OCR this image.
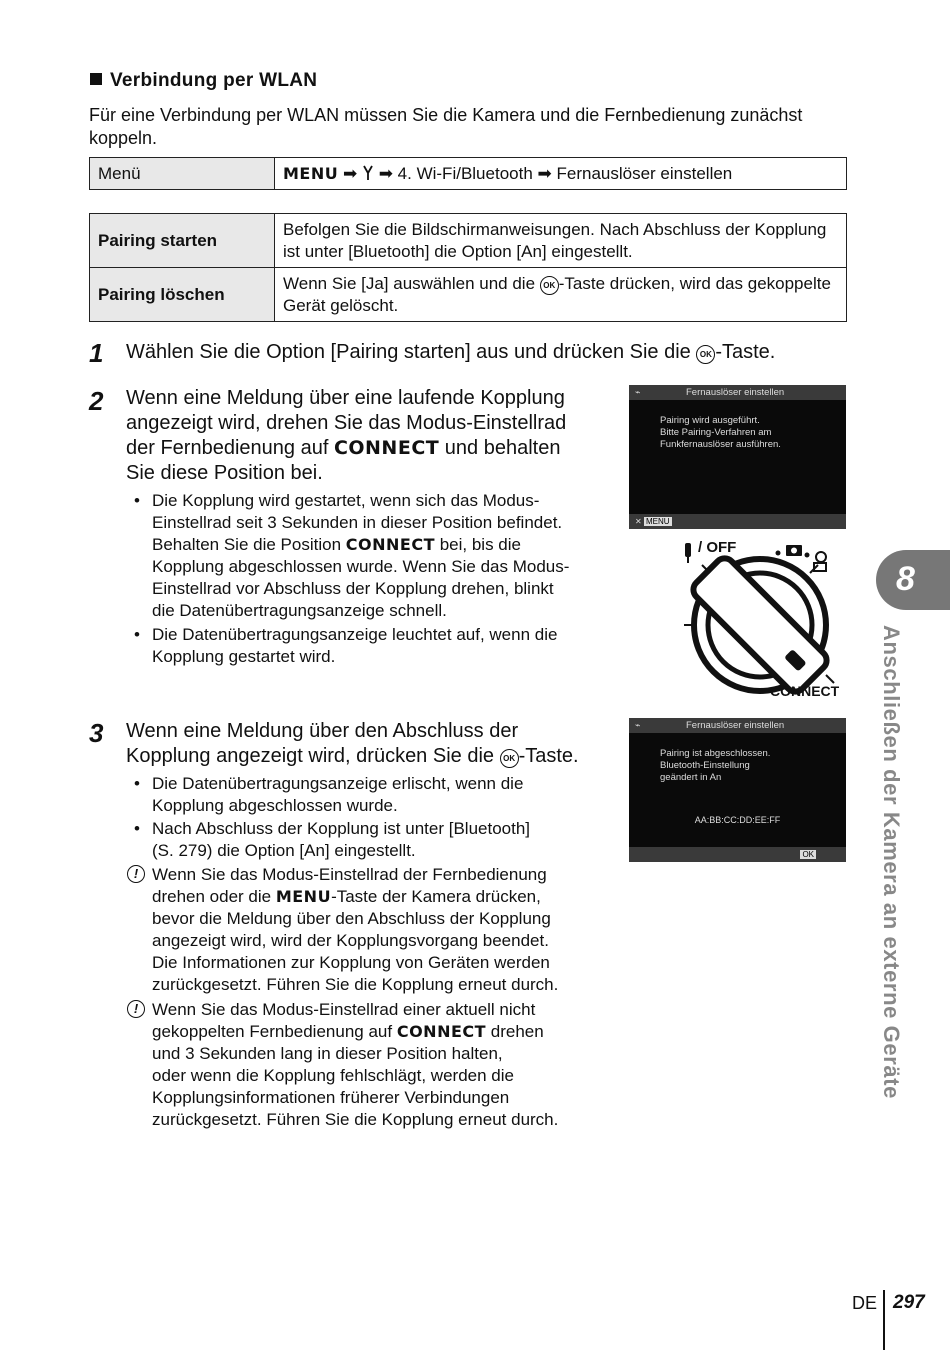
Verbindung per WLAN
Für eine Verbindung per WLAN müssen Sie die Kamera und die Fernbedienung zunächst koppeln.
Menü	MENU ➡ ➡ 4. Wi-Fi/Bluetooth ➡ Fernauslöser einstellen
Pairing starten	Befolgen Sie die Bildschirmanweisungen. Nach Abschluss der Kopplung ist unter [Bluetooth] die Option [An] eingestellt.
Pairing löschen	Wenn Sie [Ja] auswählen und die OK -Taste drücken, wird das gekoppelte Gerät gelöscht.
1 Wählen Sie die Option [Pairing starten] aus und drücken Sie die OK -Taste.
2 Wenn eine Meldung über eine laufende Kopplung
angezeigt wird, drehen Sie das Modus-Einstellrad
der Fernbedienung auf CONNECT und behalten
Sie diese Position bei.
• Die Kopplung wird gestartet, wenn sich das Modus-
Einstellrad seit 3 Sekunden in dieser Position befindet.
Behalten Sie die Position CONNECT bei, bis die
Kopplung abgeschlossen wurde. Wenn Sie das Modus-
Einstellrad vor Abschluss der Kopplung drehen, blinkt
die Datenübertragungsanzeige schnell.
• Die Datenübertragungsanzeige leuchtet auf, wenn die
Kopplung gestartet wird.
⌁	Fernauslöser einstellen
Pairing wird ausgeführt.
Bitte Pairing-Verfahren am
Funkfernauslöser ausführen.
✕ MENU
/ OFF
CONNECT
3 Wenn eine Meldung über den Abschluss der
Kopplung angezeigt wird, drücken Sie die OK -Taste.
• Die Datenübertragungsanzeige erlischt, wenn die
Kopplung abgeschlossen wurde.
• Nach Abschluss der Kopplung ist unter [Bluetooth]
(S. 279) die Option [An] eingestellt.
! Wenn Sie das Modus-Einstellrad der Fernbedienung
drehen oder die MENU-Taste der Kamera drücken,
bevor die Meldung über den Abschluss der Kopplung
angezeigt wird, wird der Kopplungsvorgang beendet.
Die Informationen zur Kopplung von Geräten werden
zurückgesetzt. Führen Sie die Kopplung erneut durch.
! Wenn Sie das Modus-Einstellrad einer aktuell nicht
gekoppelten Fernbedienung auf CONNECT drehen
und 3 Sekunden lang in dieser Position halten,
oder wenn die Kopplung fehlschlägt, werden die
Kopplungsinformationen früherer Verbindungen
zurückgesetzt. Führen Sie die Kopplung erneut durch.
⌁	Fernauslöser einstellen
Pairing ist abgeschlossen.
Bluetooth-Einstellung
geändert in An
AA:BB:CC:DD:EE:FF
OK
8
Anschließen der Kamera an externe Geräte
DE 297
